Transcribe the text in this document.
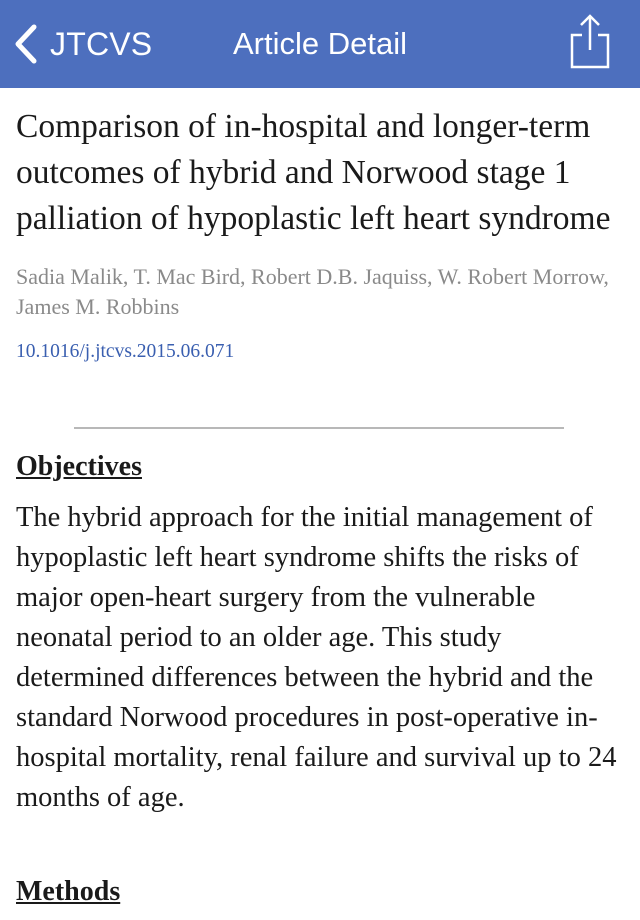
JTCVS	Article Detail
Comparison of in-hospital and longer-term outcomes of hybrid and Norwood stage 1 palliation of hypoplastic left heart syndrome
Sadia Malik, T. Mac Bird, Robert D.B. Jaquiss, W. Robert Morrow, James M. Robbins
10.1016/j.jtcvs.2015.06.071
Objectives
The hybrid approach for the initial management of hypoplastic left heart syndrome shifts the risks of major open-heart surgery from the vulnerable neonatal period to an older age. This study determined differences between the hybrid and the standard Norwood procedures in post-operative in-hospital mortality, renal failure and survival up to 24 months of age.
Methods
